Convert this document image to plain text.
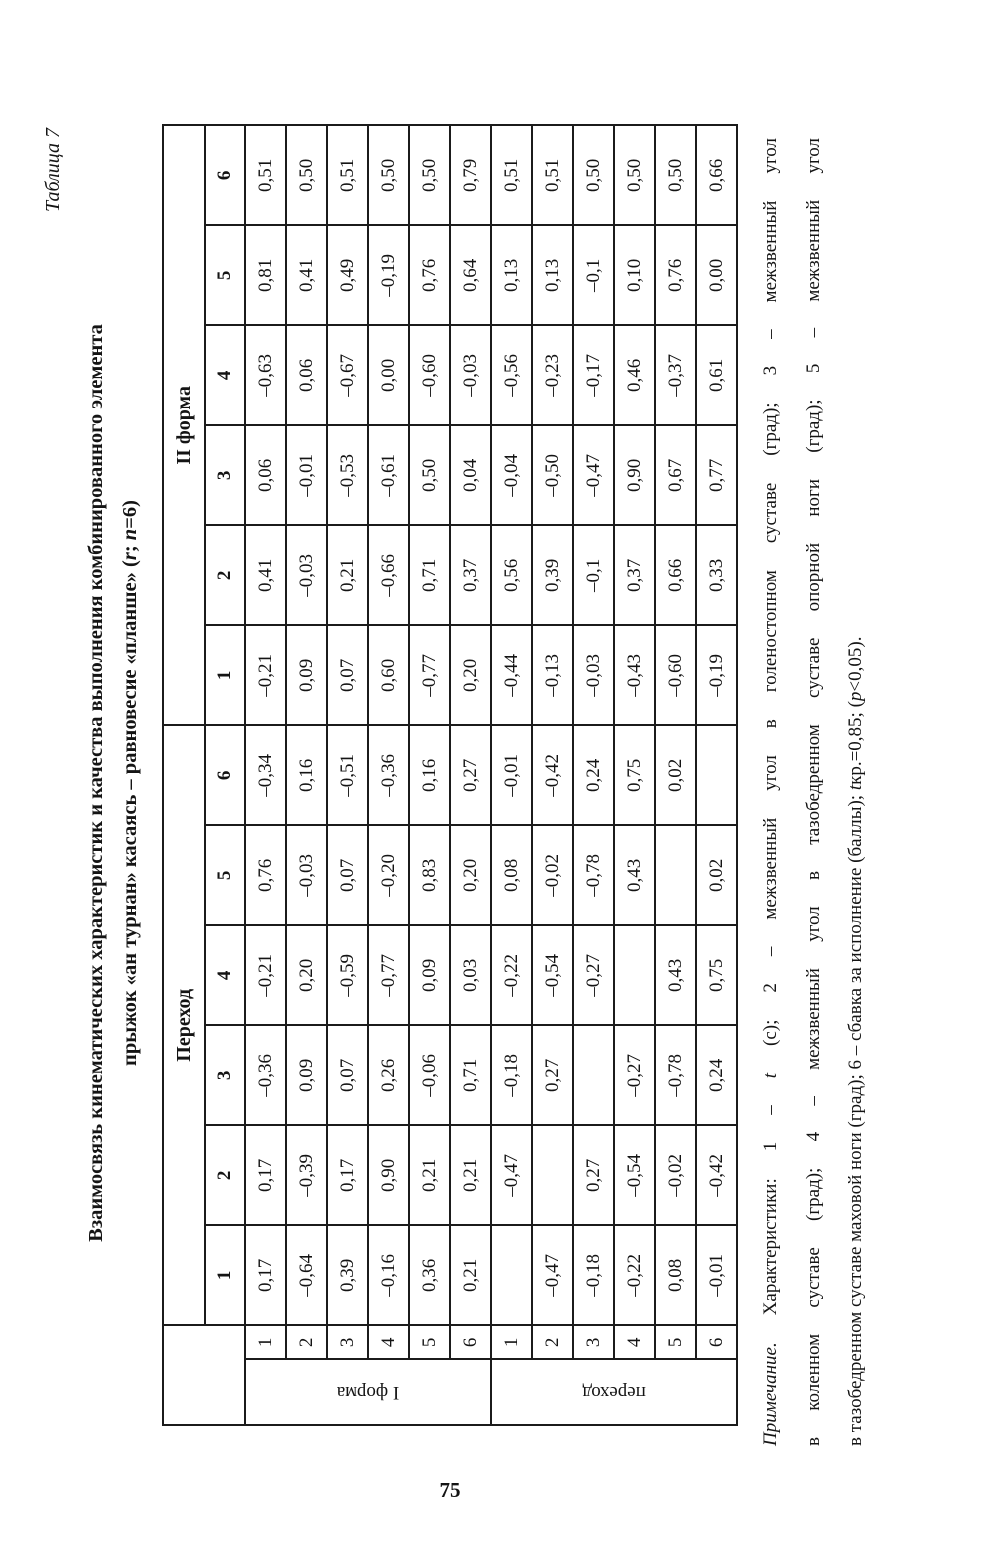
Таблица 7
Взаимосвязь кинематических характеристик и качества выполнения комбинированного элемента прыжок «ан турнан» касаясь – равновесие «планше» (r; n=6)
		Переход						II форма					
		1	2	3	4	5	6	1	2	3	4	5	6
I форма	1	0,17	0,17	–0,36	–0,21	0,76	–0,34	–0,21	0,41	0,06	–0,63	0,81	0,51
	2	–0,64	–0,39	0,09	0,20	–0,03	0,16	0,09	–0,03	–0,01	0,06	0,41	0,50
	3	0,39	0,17	0,07	–0,59	0,07	–0,51	0,07	0,21	–0,53	–0,67	0,49	0,51
	4	–0,16	0,90	0,26	–0,77	–0,20	–0,36	0,60	–0,66	–0,61	0,00	–0,19	0,50
	5	0,36	0,21	–0,06	0,09	0,83	0,16	–0,77	0,71	0,50	–0,60	0,76	0,50
	6	0,21	0,21	0,71	0,03	0,20	0,27	0,20	0,37	0,04	–0,03	0,64	0,79
переход	1		–0,47	–0,18	–0,22	0,08	–0,01	–0,44	0,56	–0,04	–0,56	0,13	0,51
	2	–0,47		0,27	–0,54	–0,02	–0,42	–0,13	0,39	–0,50	–0,23	0,13	0,51
	3	–0,18	0,27		–0,27	–0,78	0,24	–0,03	–0,1	–0,47	–0,17	–0,1	0,50
	4	–0,22	–0,54	–0,27		0,43	0,75	–0,43	0,37	0,90	0,46	0,10	0,50
	5	0,08	–0,02	–0,78	0,43		0,02	–0,60	0,66	0,67	–0,37	0,76	0,50
	6	–0,01	–0,42	0,24	0,75	0,02		–0,19	0,33	0,77	0,61	0,00	0,66
Примечание. Характеристики: 1 – t (с); 2 – межзвенный угол в голеностопном суставе (град); 3 – межзвенный угол	в коленном суставе (град); 4 – межзвенный угол в тазобедренном суставе опорной ноги (град); 5 – межзвенный угол	в тазобедренном суставе маховой ноги (град); 6 – сбавка за исполнение (баллы); tкр.=0,85; (р<0,05).
75
